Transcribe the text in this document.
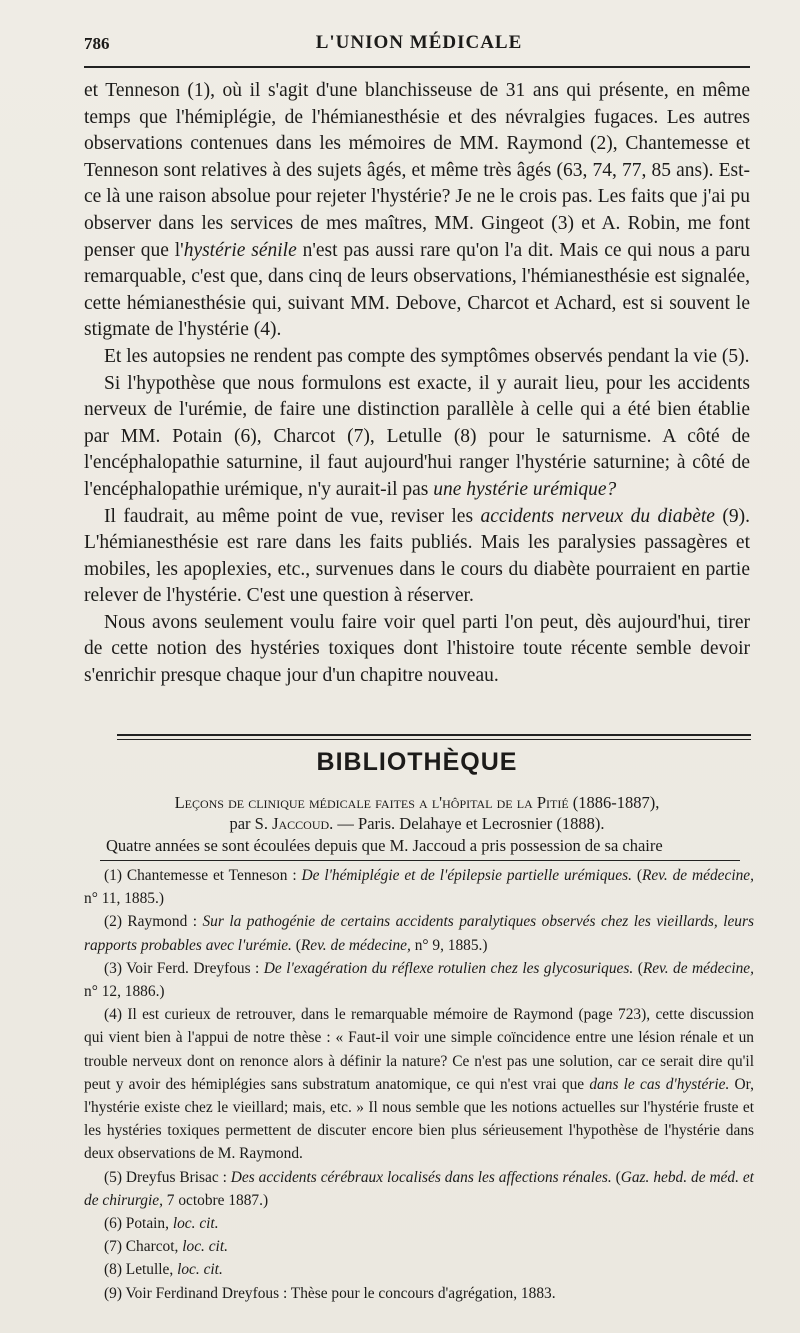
786	L'UNION MÉDICALE

et Tenneson (1), où il s'agit d'une blanchisseuse de 31 ans qui présente, en même temps que l'hémiplégie, de l'hémianesthésie et des névralgies fugaces. Les autres observations contenues dans les mémoires de MM. Raymond (2), Chantemesse et Tenneson sont relatives à des sujets âgés, et même très âgés (63, 74, 77, 85 ans). Est-ce là une raison absolue pour rejeter l'hystérie? Je ne le crois pas. Les faits que j'ai pu observer dans les services de mes maîtres, MM. Gingeot (3) et A. Robin, me font penser que l'hystérie sénile n'est pas aussi rare qu'on l'a dit. Mais ce qui nous a paru remarquable, c'est que, dans cinq de leurs observations, l'hémianesthésie est signalée, cette hémianesthésie qui, suivant MM. Debove, Charcot et Achard, est si souvent le stigmate de l'hystérie (4).

Et les autopsies ne rendent pas compte des symptômes observés pendant la vie (5).

Si l'hypothèse que nous formulons est exacte, il y aurait lieu, pour les accidents nerveux de l'urémie, de faire une distinction parallèle à celle qui a été bien établie par MM. Potain (6), Charcot (7), Letulle (8) pour le saturnisme. A côté de l'encéphalopathie saturnine, il faut aujourd'hui ranger l'hystérie saturnine; à côté de l'encéphalopathie urémique, n'y aurait-il pas une hystérie urémique?

Il faudrait, au même point de vue, reviser les accidents nerveux du diabète (9). L'hémianesthésie est rare dans les faits publiés. Mais les paralysies passagères et mobiles, les apoplexies, etc., survenues dans le cours du diabète pourraient en partie relever de l'hystérie. C'est une question à réserver.

Nous avons seulement voulu faire voir quel parti l'on peut, dès aujourd'hui, tirer de cette notion des hystéries toxiques dont l'histoire toute récente semble devoir s'enrichir presque chaque jour d'un chapitre nouveau.

BIBLIOTHÈQUE
Leçons de clinique médicale faites a l'hôpital de la Pitié (1886-1887),
par S. Jaccoud. — Paris. Delahaye et Lecrosnier (1888).
Quatre années se sont écoulées depuis que M. Jaccoud a pris possession de sa chaire

(1) Chantemesse et Tenneson : De l'hémiplégie et de l'épilepsie partielle urémiques. (Rev. de médecine, n° 11, 1885.)

(2) Raymond : Sur la pathogénie de certains accidents paralytiques observés chez les vieillards, leurs rapports probables avec l'urémie. (Rev. de médecine, n° 9, 1885.)

(3) Voir Ferd. Dreyfous : De l'exagération du réflexe rotulien chez les glycosuriques. (Rev. de médecine, n° 12, 1886.)

(4) Il est curieux de retrouver, dans le remarquable mémoire de Raymond (page 723), cette discussion qui vient bien à l'appui de notre thèse : « Faut-il voir une simple coïncidence entre une lésion rénale et un trouble nerveux dont on renonce alors à définir la nature? Ce n'est pas une solution, car ce serait dire qu'il peut y avoir des hémiplégies sans substratum anatomique, ce qui n'est vrai que dans le cas d'hystérie. Or, l'hystérie existe chez le vieillard; mais, etc. » Il nous semble que les notions actuelles sur l'hystérie fruste et les hystéries toxiques permettent de discuter encore bien plus sérieusement l'hypothèse de l'hystérie dans deux observations de M. Raymond.

(5) Dreyfus Brisac : Des accidents cérébraux localisés dans les affections rénales. (Gaz. hebd. de méd. et de chirurgie, 7 octobre 1887.)

(6) Potain, loc. cit.

(7) Charcot, loc. cit.

(8) Letulle, loc. cit.

(9) Voir Ferdinand Dreyfous : Thèse pour le concours d'agrégation, 1883.
